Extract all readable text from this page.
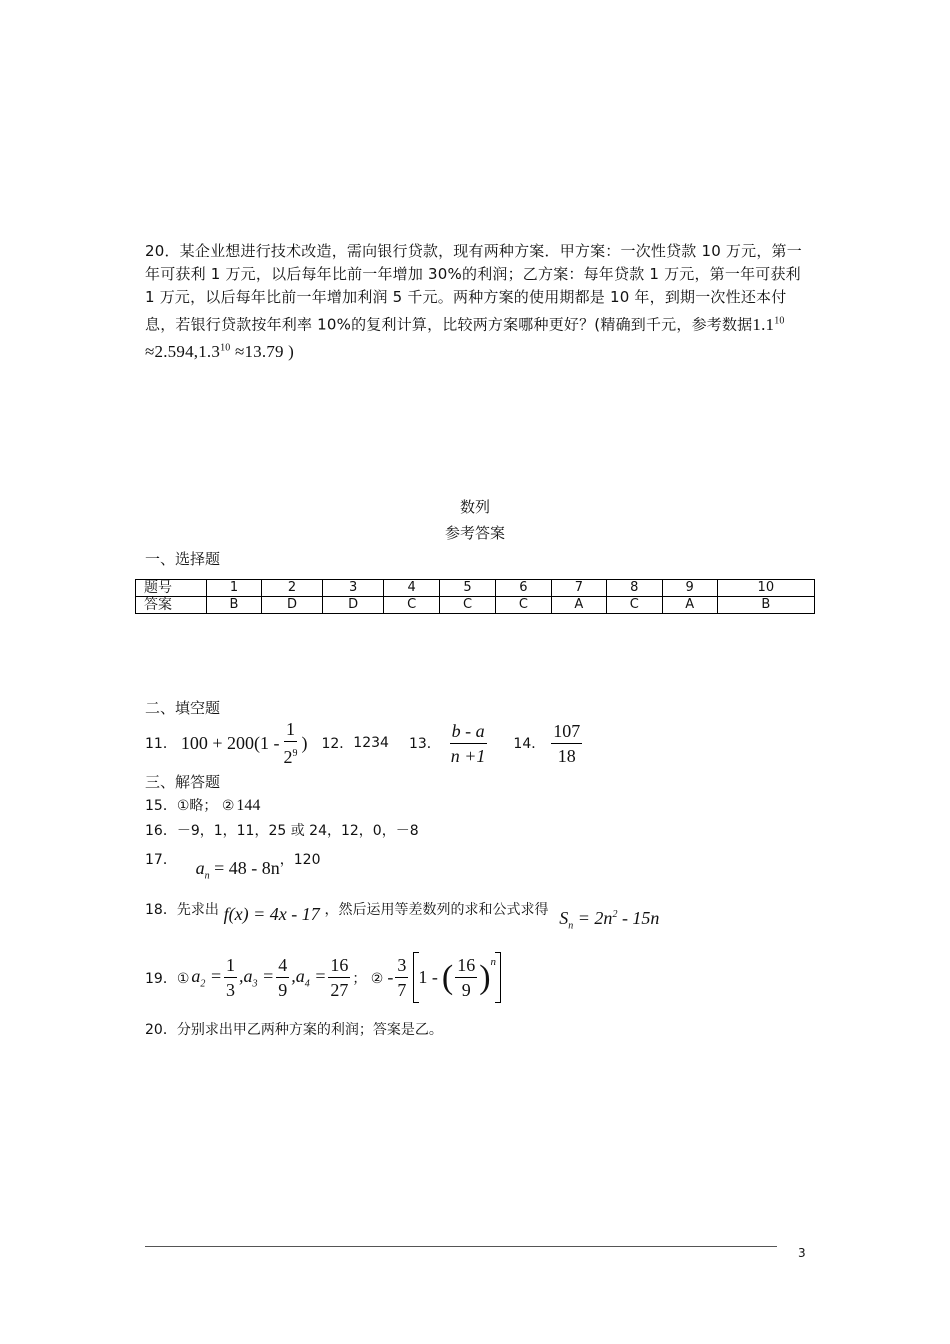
20．某企业想进行技术改造，需向银行贷款，现有两种方案．甲方案：一次性贷款 10 万元，第一年可获利 1 万元，以后每年比前一年增加 30%的利润；乙方案：每年贷款 1 万元，第一年可获利 1 万元，以后每年比前一年增加利润 5 千元。两种方案的使用期都是 10 年，到期一次性还本付息，若银行贷款按年利率 10%的复利计算，比较两方案哪种更好？(精确到千元，参考数据$1.1^{10} \approx 2.594,1.3^{10} \approx 13.79$ )
数列
参考答案
一、选择题
题号	1	2	3	4	5	6	7	8	9	10
答案	B	D	D	C	C	C	A	C	A	B
二、填空题
11． $100 + 200(1 - \frac{1}{2^9}$ ) 12． 1234 13． $\frac{b - a}{n +1} 14$． $\frac{107}{18}$
三、解答题
15．①略； ② 144
16．－9，1，11，25 或 24，12，0，－8
17． $a_n = 48 - 8n$，120
18．先求出 f(x) = 4x - 17 ，然后运用等差数列的求和公式求得 $S_n = 2n^2 - 15n$
19．① $a_2 = \frac{1}{3} ,a_3 = \frac{4}{9} ,a_4 = \frac{16}{27}$ ； ② - $\frac{3}{7} 1$ - ( $\frac{16}{9} )^n$
20．分别求出甲乙两种方案的利润；答案是乙。
3
